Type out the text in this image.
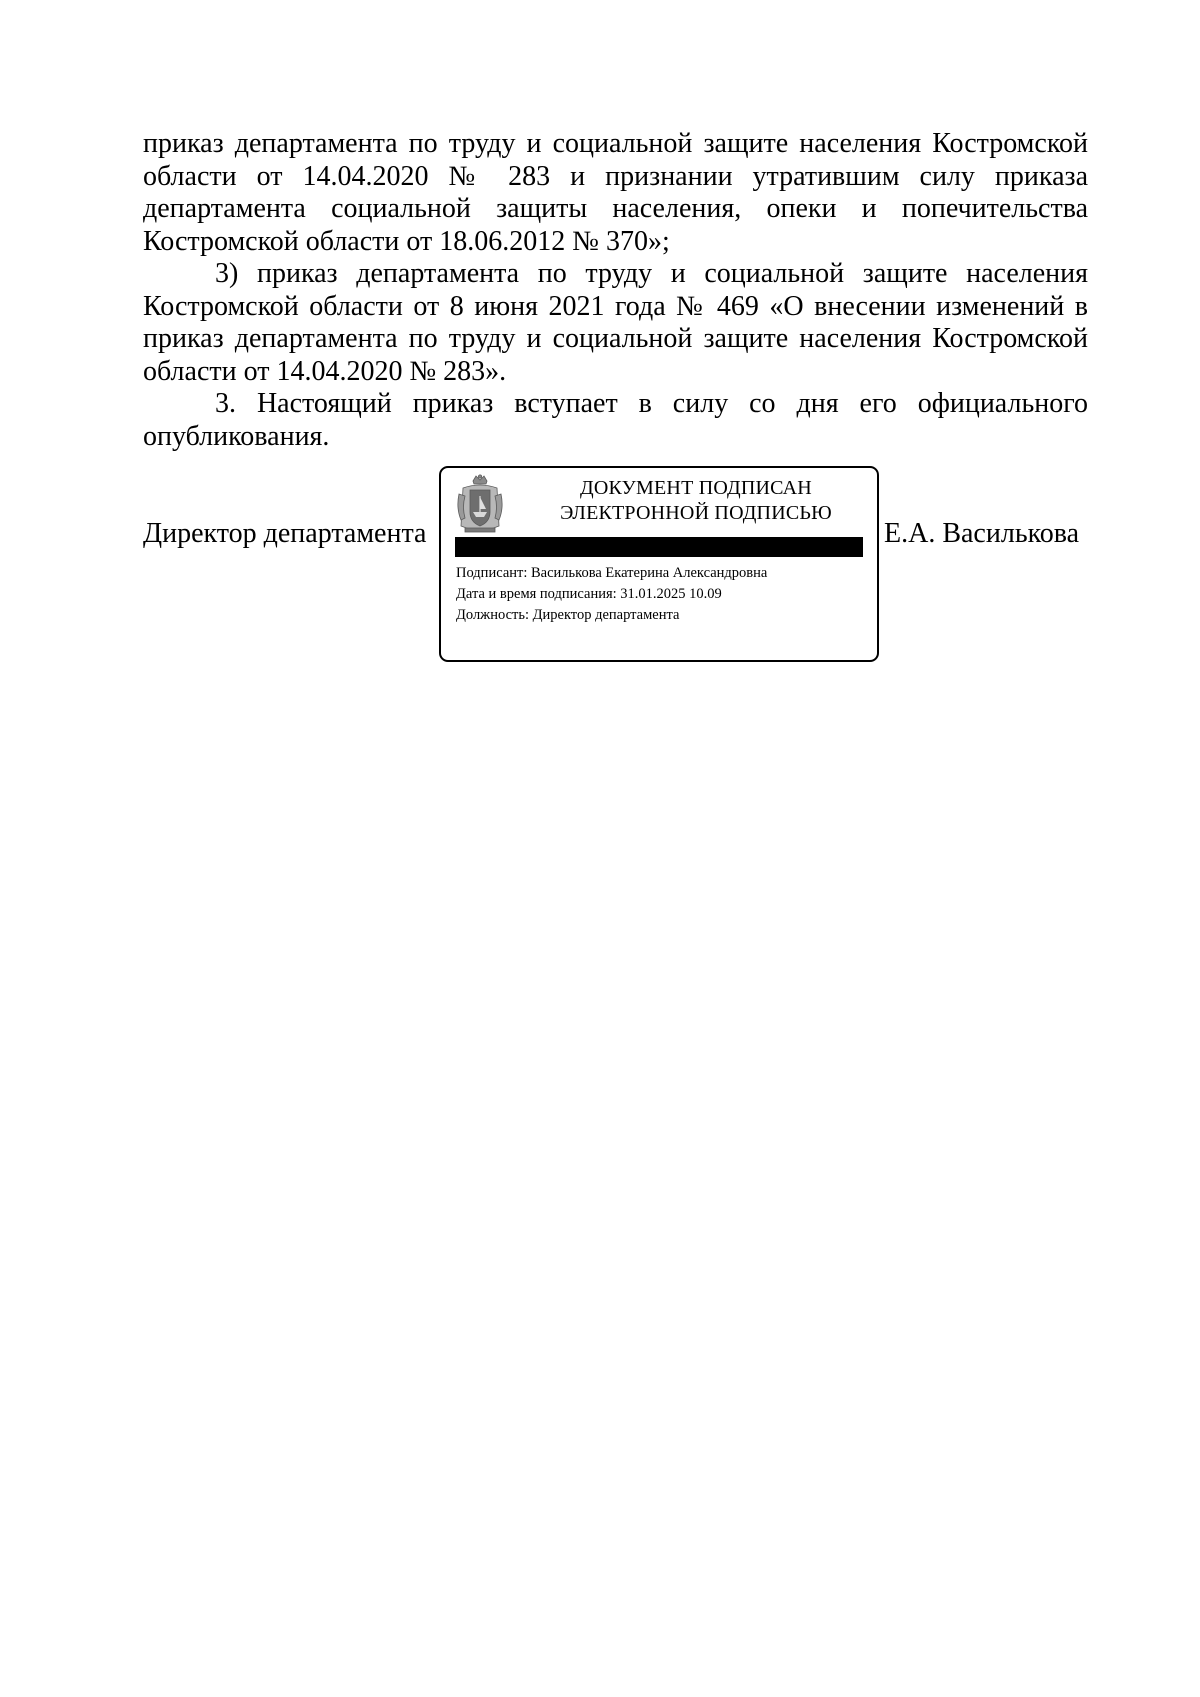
приказ департамента по труду и социальной защите населения Костромской области от 14.04.2020 № 283 и признании утратившим силу приказа департамента социальной защиты населения, опеки и попечительства Костромской области от 18.06.2012 № 370»;

3) приказ департамента по труду и социальной защите населения Костромской области от 8 июня 2021 года № 469 «О внесении изменений в приказ департамента по труду и социальной защите населения Костромской области от 14.04.2020 № 283».

3. Настоящий приказ вступает в силу со дня его официального опубликования.

Директор департамента
ДОКУМЕНТ ПОДПИСАН
ЭЛЕКТРОННОЙ ПОДПИСЬЮ
Подписант: Василькова Екатерина Александровна
Дата и время подписания: 31.01.2025 10.09
Должность: Директор департамента
Е.А. Василькова
